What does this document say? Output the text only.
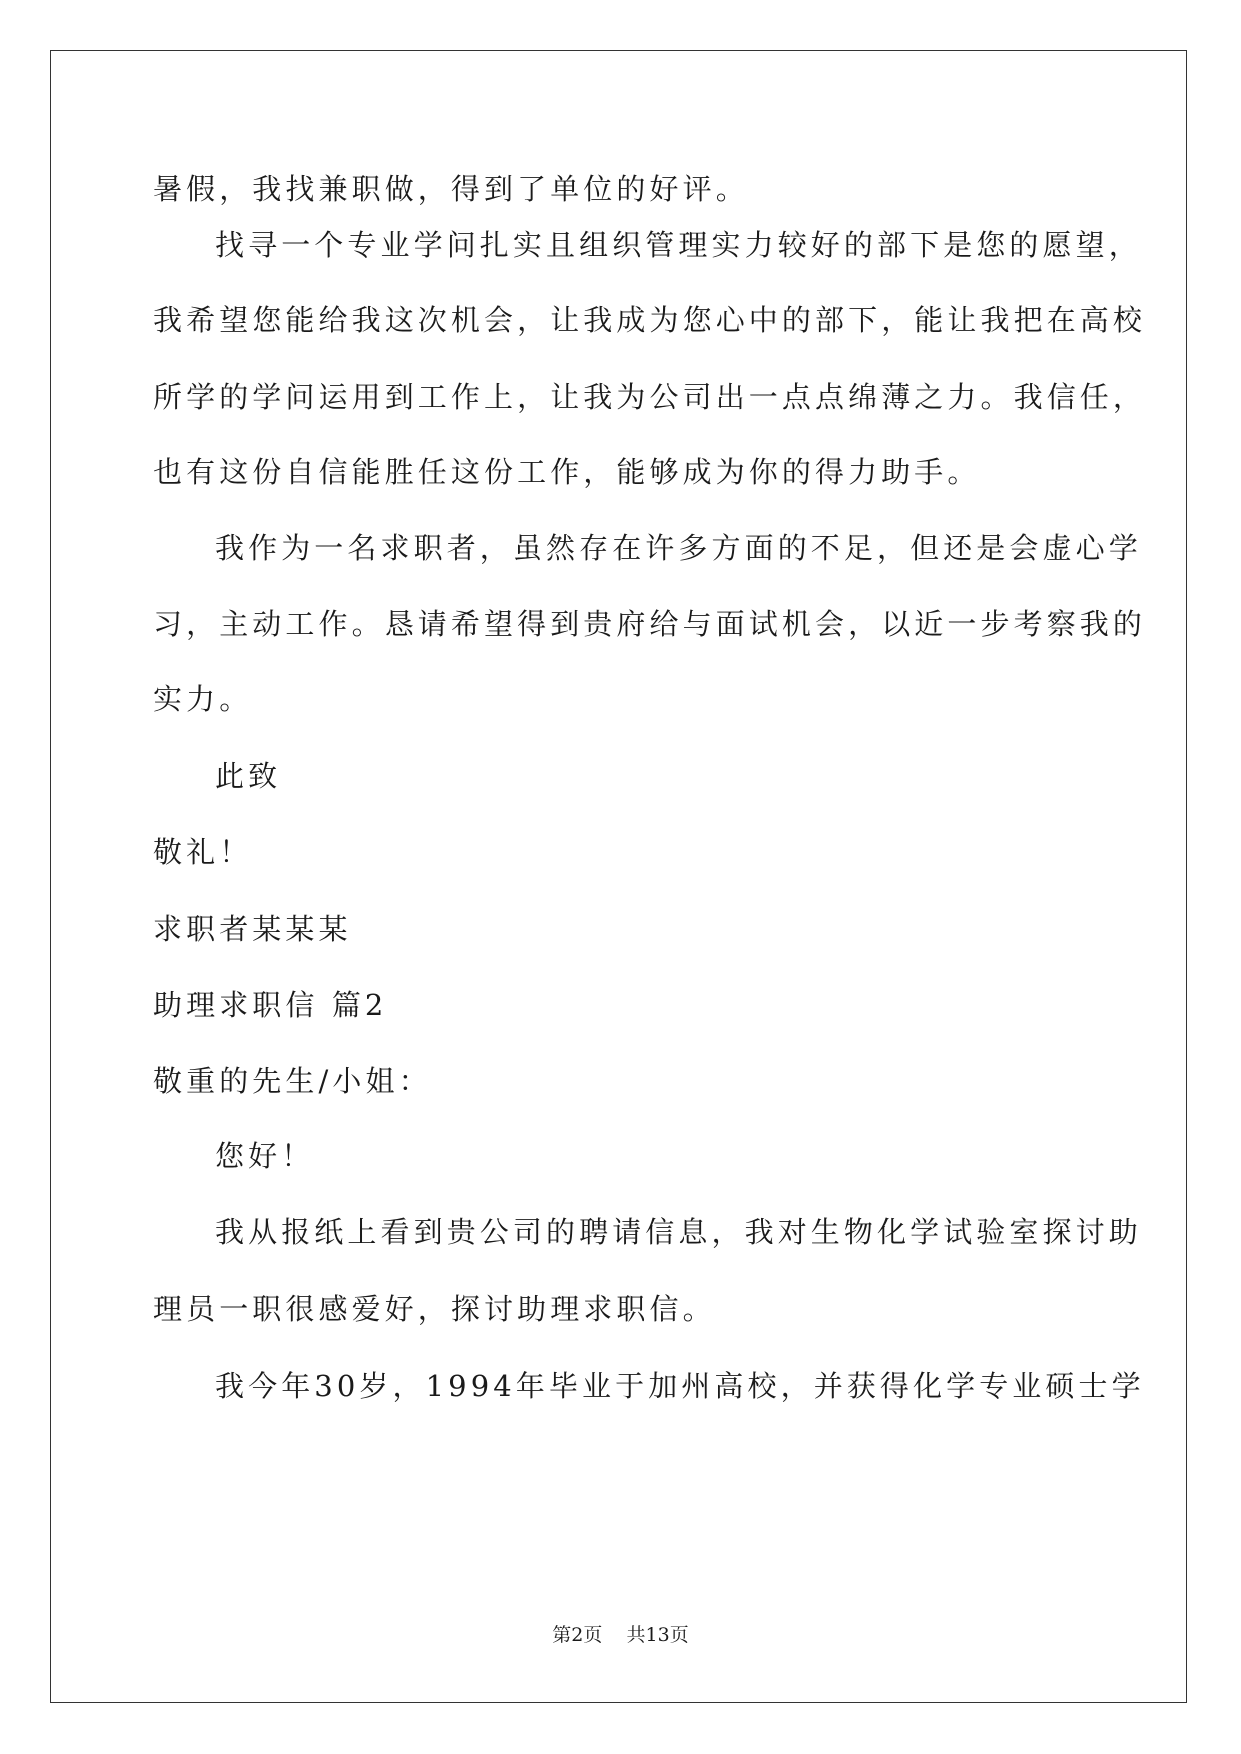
暑假，我找兼职做，得到了单位的好评。
找寻一个专业学问扎实且组织管理实力较好的部下是您的愿望，
我希望您能给我这次机会，让我成为您心中的部下，能让我把在高校
所学的学问运用到工作上，让我为公司出一点点绵薄之力。我信任，
也有这份自信能胜任这份工作，能够成为你的得力助手。
我作为一名求职者，虽然存在许多方面的不足，但还是会虚心学
习，主动工作。恳请希望得到贵府给与面试机会，以近一步考察我的
实力。
此致
敬礼！
求职者某某某
助理求职信 篇2
敬重的先生/小姐：
您好！
我从报纸上看到贵公司的聘请信息，我对生物化学试验室探讨助
理员一职很感爱好，探讨助理求职信。
我今年30岁，1994年毕业于加州高校，并获得化学专业硕士学
第2页 共13页
